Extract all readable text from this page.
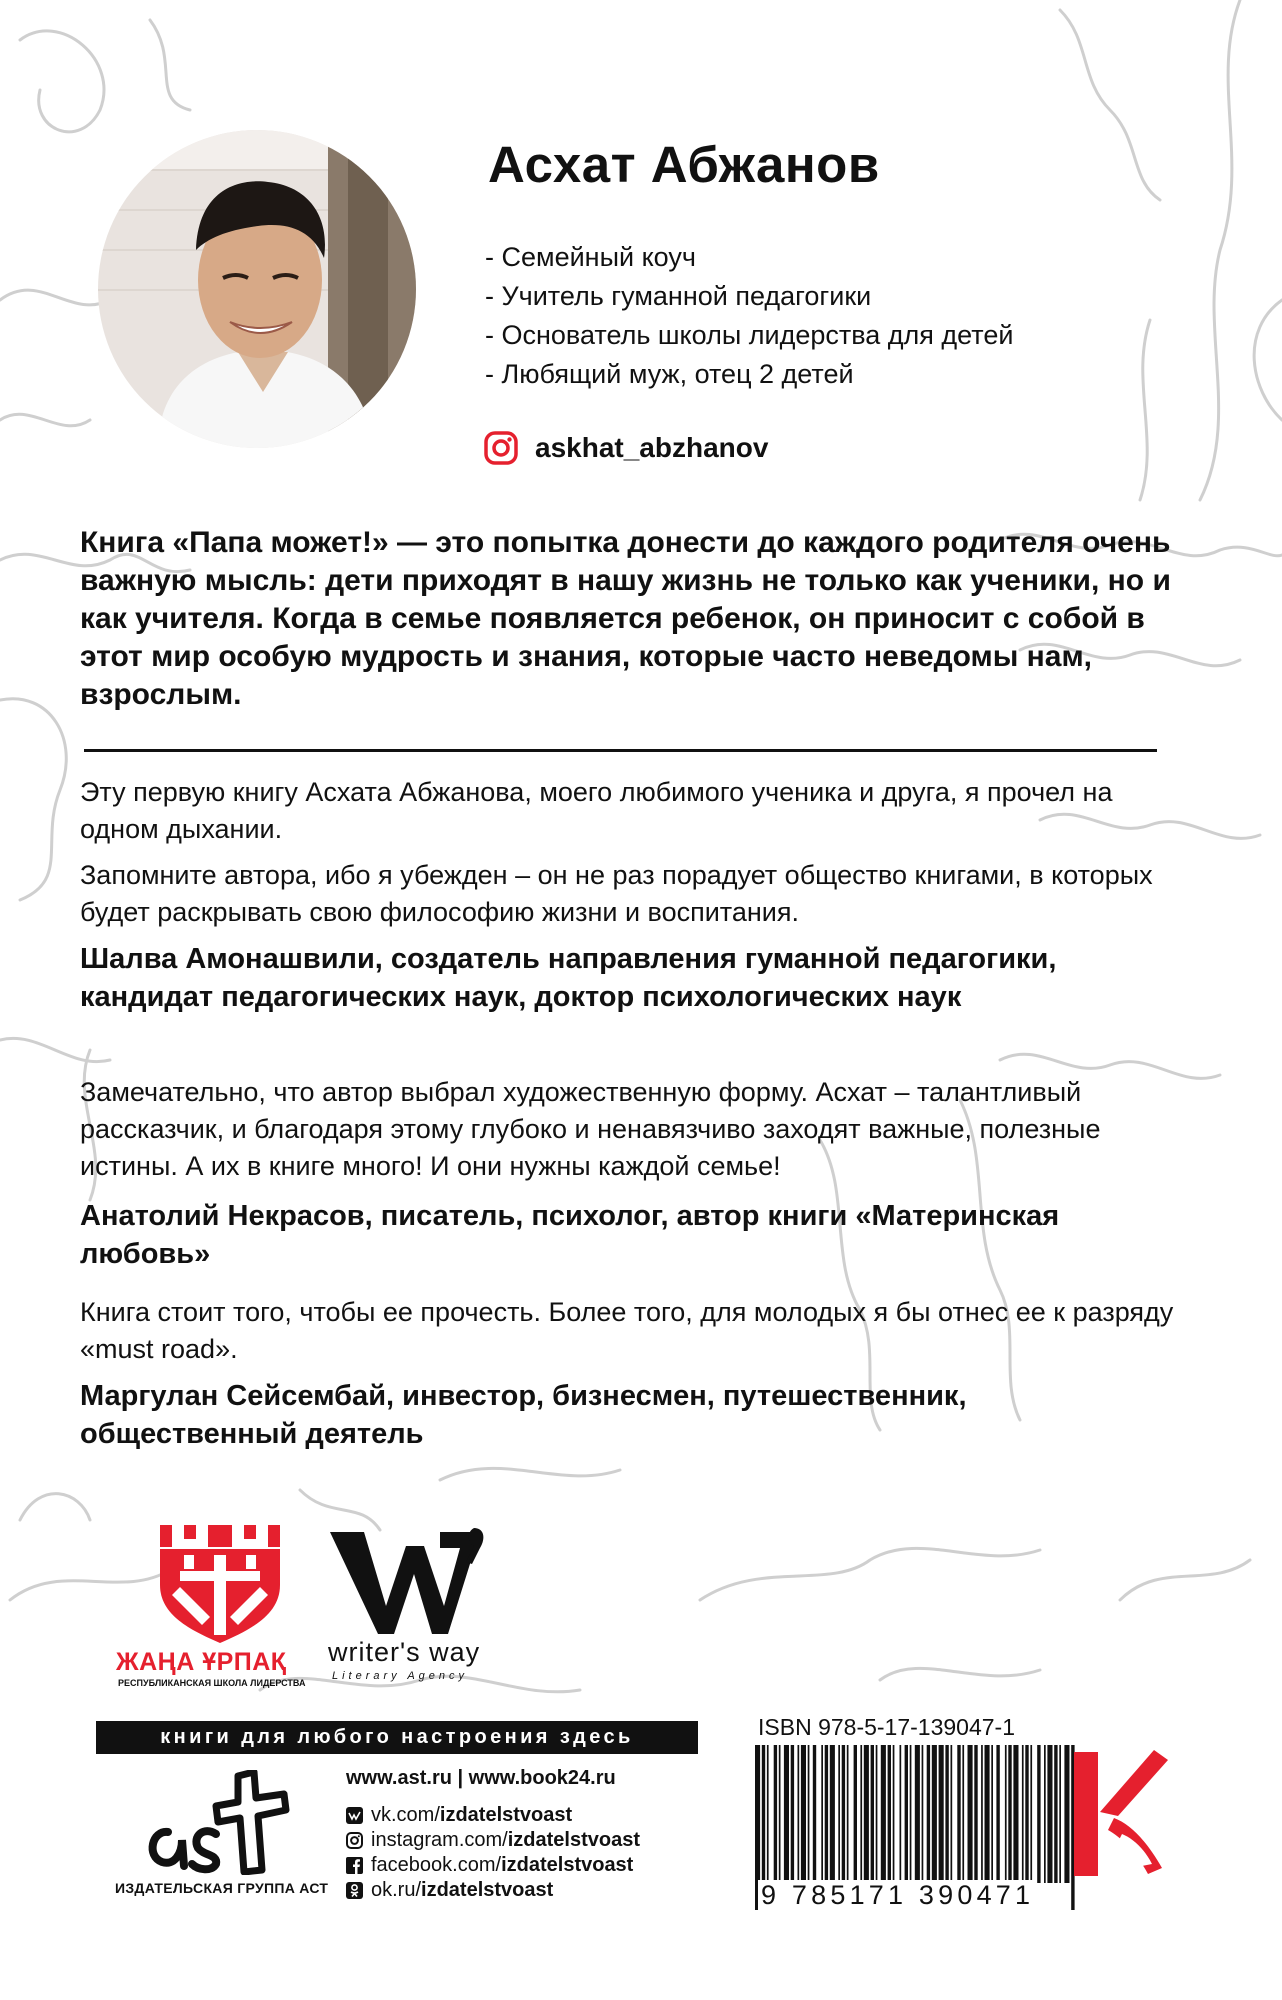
Асхат Абжанов
- Семейный коуч
- Учитель гуманной педагогики
- Основатель школы лидерства для детей
- Любящий муж, отец 2 детей
askhat_abzhanov

Книга «Папа может!» — это попытка донести до каждого родителя очень важную мысль: дети приходят в нашу жизнь не только как ученики, но и как учителя. Когда в семье появляется ребенок, он приносит с собой в этот мир особую мудрость и знания, которые часто неведомы нам, взрослым.

Эту первую книгу Асхата Абжанова, моего любимого ученика и друга, я прочел на одном дыхании.

Запомните автора, ибо я убежден – он не раз порадует общество книгами, в которых будет раскрывать свою философию жизни и воспитания.

Шалва Амонашвили, создатель направления гуманной педагогики, кандидат педагогических наук, доктор психологических наук

Замечательно, что автор выбрал художественную форму. Асхат – талантливый рассказчик, и благодаря этому глубоко и ненавязчиво заходят важные, полезные истины. А их в книге много! И они нужны каждой семье!

Анатолий Некрасов, писатель, психолог, автор книги «Материнская любовь»

Книга стоит того, чтобы ее прочесть. Более того, для молодых я бы отнес ее к разряду «must road».

Маргулан Сейсембай, инвестор, бизнесмен, путешественник, общественный деятель

ЖАҢА ҰРПАҚ
РЕСПУБЛИКАНСКАЯ ШКОЛА ЛИДЕРСТВА
writer's way
Literary Agency
книги для любого настроения здесь
ИЗДАТЕЛЬСКАЯ ГРУППА АСТ
www.ast.ru | www.book24.ru
vk.com/izdatelstvoast
instagram.com/izdatelstvoast
facebook.com/izdatelstvoast
ok.ru/izdatelstvoast
ISBN 978-5-17-139047-1
9 785171 390471
